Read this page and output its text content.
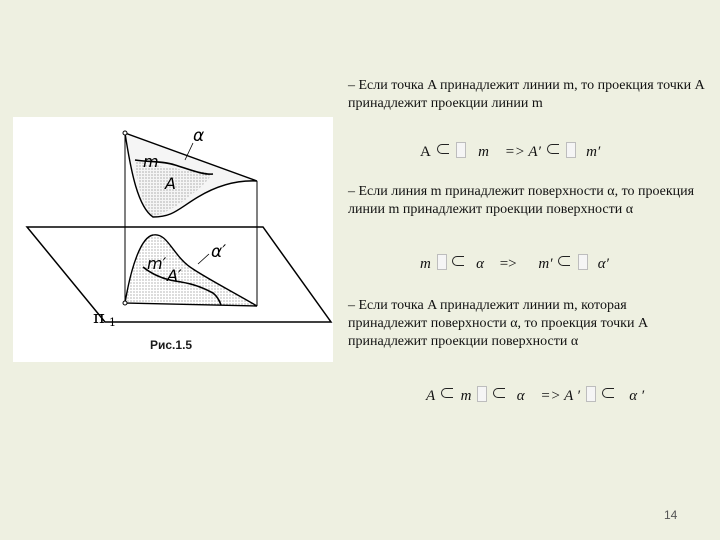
α
m
A
α′
m′
A′
π 1
Рис.1.5
– Если точка A принадлежит линии m, то проекция точки A принадлежит проекции линии m
A	m => A′	m′
– Если линия m принадлежит поверхности α, то проекция линии m принадлежит проекции поверхности α
m	α => m′	α′
– Если точка A принадлежит линии m, которая принадлежит поверхности α, то проекция точки A принадлежит проекции поверхности α
A m	α => A ′	α ′
14
